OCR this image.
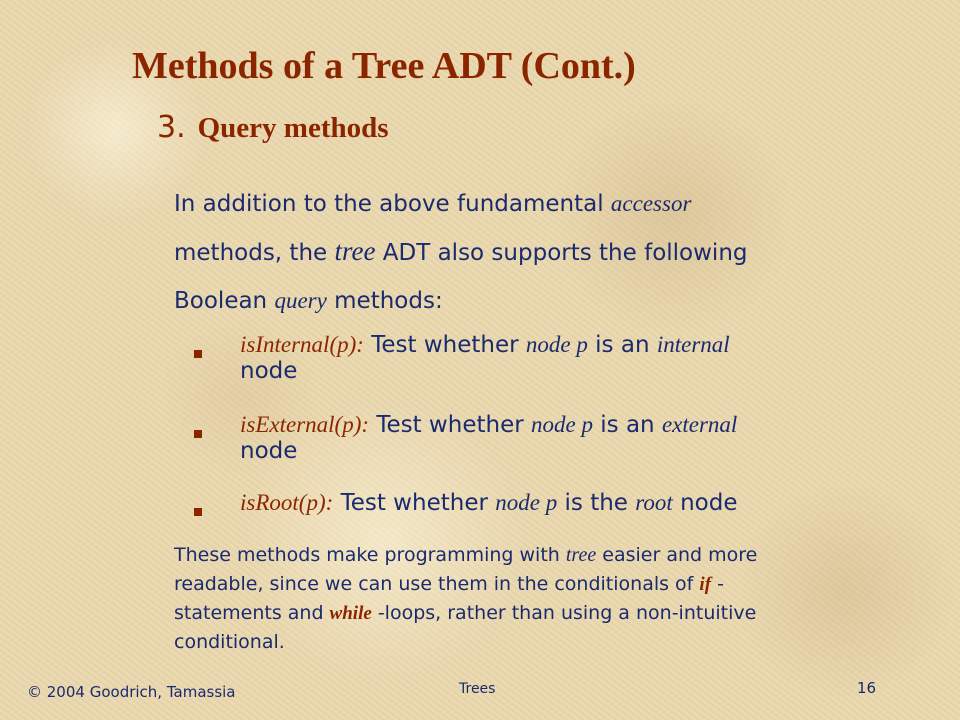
Methods of a Tree ADT (Cont.)
3. Query methods
In addition to the above fundamental accessor
methods, the tree ADT also supports the following
Boolean query methods:
isInternal(p): Test whether node p is an internal
node
isExternal(p): Test whether node p is an external
node
isRoot(p): Test whether node p is the root node
These methods make programming with tree easier and more
readable, since we can use them in the conditionals of if -
statements and while -loops, rather than using a non-intuitive
conditional.
© 2004 Goodrich, Tamassia	Trees	16
